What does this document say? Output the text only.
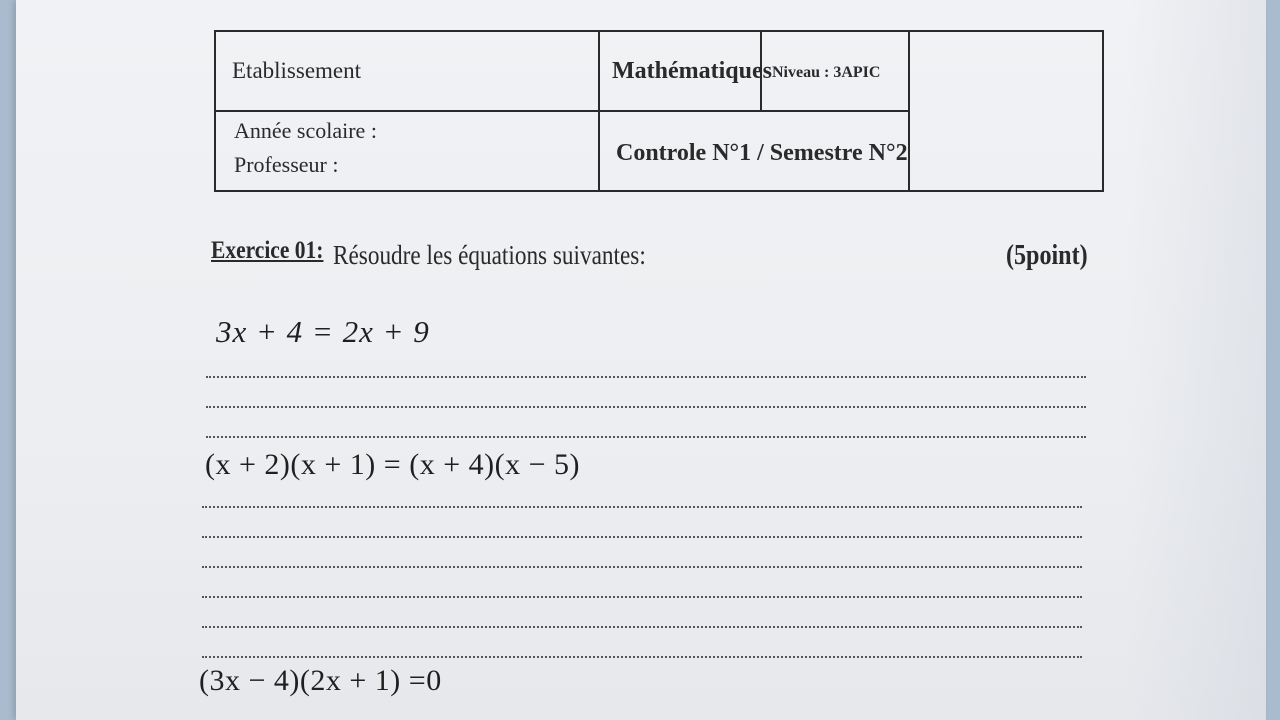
Etablissement	Mathématiques Niveau : 3APIC
Année scolaire :
Professeur :	Controle N°1 / Semestre N°2
Exercice 01: Résoudre les équations suivantes:	(5point)
3x + 4 = 2x + 9
(x + 2)(x + 1) = (x + 4)(x − 5)
(3x − 4)(2x + 1) =0
